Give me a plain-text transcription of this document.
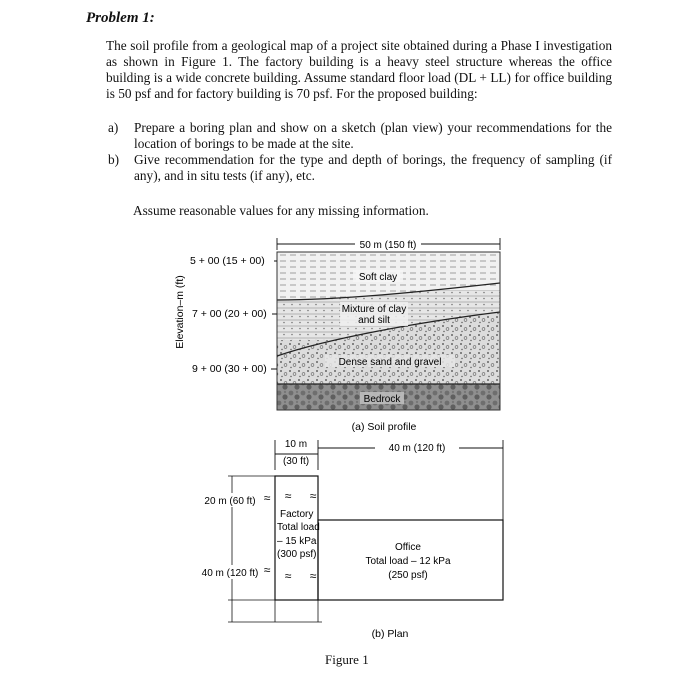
Problem 1:
The soil profile from a geological map of a project site obtained during a Phase I investigation as shown in Figure 1. The factory building is a heavy steel structure whereas the office building is a wide concrete building. Assume standard floor load (DL + LL) for office building is 50 psf and for factory building is 70 psf. For the proposed building:
a) Prepare a boring plan and show on a sketch (plan view) your recommendations for the location of borings to be made at the site.
b) Give recommendation for the type and depth of borings, the frequency of sampling (if any), and in situ tests (if any), etc.
Assume reasonable values for any missing information.
50 m (150 ft)
Soft clay
Mixture of clay
and silt
Dense sand and gravel
Bedrock
5 + 00 (15 + 00)
7 + 00 (20 + 00)
9 + 00 (30 + 00)
Elevation–m (ft)
(a) Soil profile
10 m
(30 ft)
40 m (120 ft)
20 m (60 ft) ≈
40 m (120 ft) ≈
≈ ≈
≈ ≈
Factory
Total load
– 15 kPa
(300 psf)
Office
Total load – 12 kPa
(250 psf)
(b) Plan
Figure 1
